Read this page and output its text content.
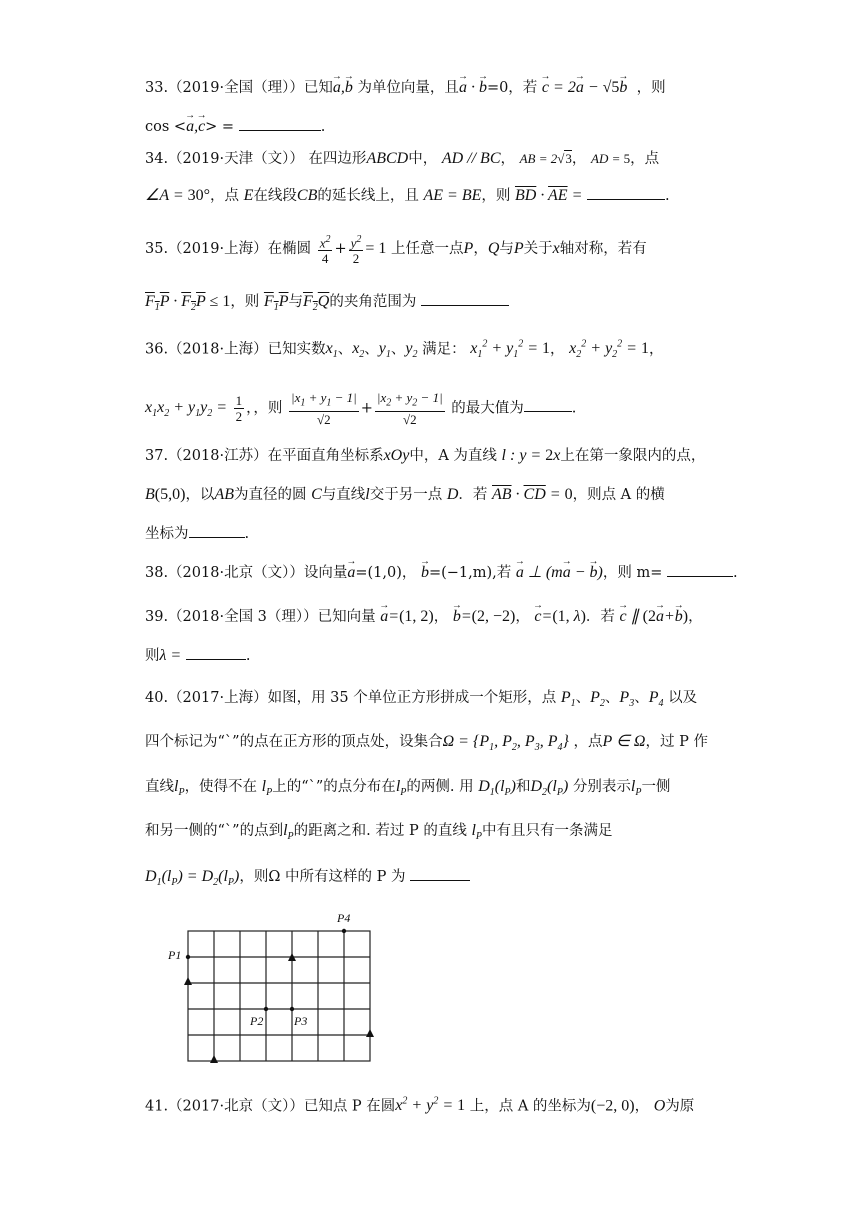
33.（2019·全国（理））已知→ a,→ b 为单位向量，且→ a · → b=0，若 → c = 2→ a − √5→ b ，则
cos <→ a,→ c> =	.
34.（2019·天津（文）） 在四边形ABCD中， AD // BC， AB = 2√3， AD = 5，点
∠A = 30°，点 E在线段CB的延长线上，且 AE = BE，则 $\overline{BD} \cdot \overline{AE}$ =	.
35.（2019·上海）在椭圆 $\frac{x^2}{4} + \frac{y^2}{2} = 1$ 上任意一点P，Q与P关于x轴对称，若有
$F_1P \cdot F_2P \le 1$，则 $F_1P$与$F_2Q$的夹角范围为
36.（2018·上海）已知实数$x_1$、$x_2$、$y_1$、$y_2$ 满足： $x_1^2 + y_1^2 = 1$， $x_2^2 + y_2^2 = 1$，
$x_1x_2 + y_1y_2 = \frac{1}{2}$ ，，则 $\frac{|x_1 + y_1 - 1|}{√2} + \frac{|x_2 + y_2 - 1|}{√2}$ 的最大值为	.
37.（2018·江苏）在平面直角坐标系xOy中，A 为直线 l : y = 2x上在第一象限内的点，
B(5,0)，以AB为直径的圆 C与直线l交于另一点 D．若 $\overline{AB} \cdot \overline{CD} = 0$，则点 A 的横
坐标为	.
38.（2018·北京（文））设向量→ a=(1,0)， → b=(−1,m),若 → a ⊥ (m→ a − → b)，则 m=	.
39.（2018·全国 3（理））已知向量 → a=(1, 2)， → b=(2, −2)， → c=(1, λ)．若 → c ∥ (2→ a+→ b)，
则λ =	.
40.（2017·上海）如图，用 35 个单位正方形拼成一个矩形，点 $P_1$、$P_2$、$P_3$、$P_4$ 以及
四个标记为“ˋ”的点在正方形的顶点处，设集合$\Omega = \{P_1$, $P_2$, $P_3$, $P_4$} ，点P ∈ Ω，过 P 作
直线$l_P$，使得不在 $l_P$上的“ˋ”的点分布在$l_P$的两侧. 用 $D_1(l_P)$和$D_2(l_P)$ 分别表示$l_P$一侧
和另一侧的“ˋ”的点到$l_P$的距离之和. 若过 P 的直线 $l_P$中有且只有一条满足
$D_1(l_P) = D_2(l_P)$，则Ω 中所有这样的 P 为
P1
P2	P3
P4
41.（2017·北京（文））已知点 P 在圆$x^2 + y^2 = 1$ 上，点 A 的坐标为(−2, 0)， O为原
